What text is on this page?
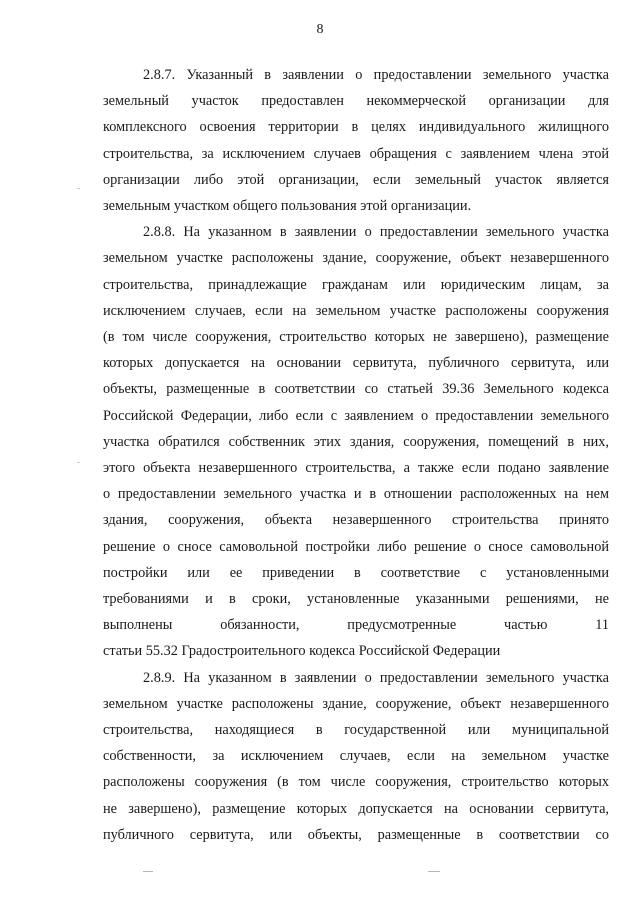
8
2.8.7. Указанный в заявлении о предоставлении земельного участка
земельный участок предоставлен некоммерческой организации для
комплексного освоения территории в целях индивидуального жилищного
строительства, за исключением случаев обращения с заявлением члена этой
организации либо этой организации, если земельный участок является
земельным участком общего пользования этой организации.
2.8.8. На указанном в заявлении о предоставлении земельного участка
земельном участке расположены здание, сооружение, объект незавершенного
строительства, принадлежащие гражданам или юридическим лицам, за
исключением случаев, если на земельном участке расположены сооружения
(в том числе сооружения, строительство которых не завершено), размещение
которых допускается на основании сервитута, публичного сервитута, или
объекты, размещенные в соответствии со статьей 39.36 Земельного кодекса
Российской Федерации, либо если с заявлением о предоставлении земельного
участка обратился собственник этих здания, сооружения, помещений в них,
этого объекта незавершенного строительства, а также если подано заявление
о предоставлении земельного участка и в отношении расположенных на нем
здания, сооружения, объекта незавершенного строительства принято
решение о сносе самовольной постройки либо решение о сносе самовольной
постройки или ее приведении в соответствие с установленными
требованиями и в сроки, установленные указанными решениями, не
выполнены обязанности, предусмотренные частью 11
статьи 55.32 Градостроительного кодекса Российской Федерации
2.8.9. На указанном в заявлении о предоставлении земельного участка
земельном участке расположены здание, сооружение, объект незавершенного
строительства, находящиеся в государственной или муниципальной
собственности, за исключением случаев, если на земельном участке
расположены сооружения (в том числе сооружения, строительство которых
не завершено), размещение которых допускается на основании сервитута,
публичного сервитута, или объекты, размещенные в соответствии со
